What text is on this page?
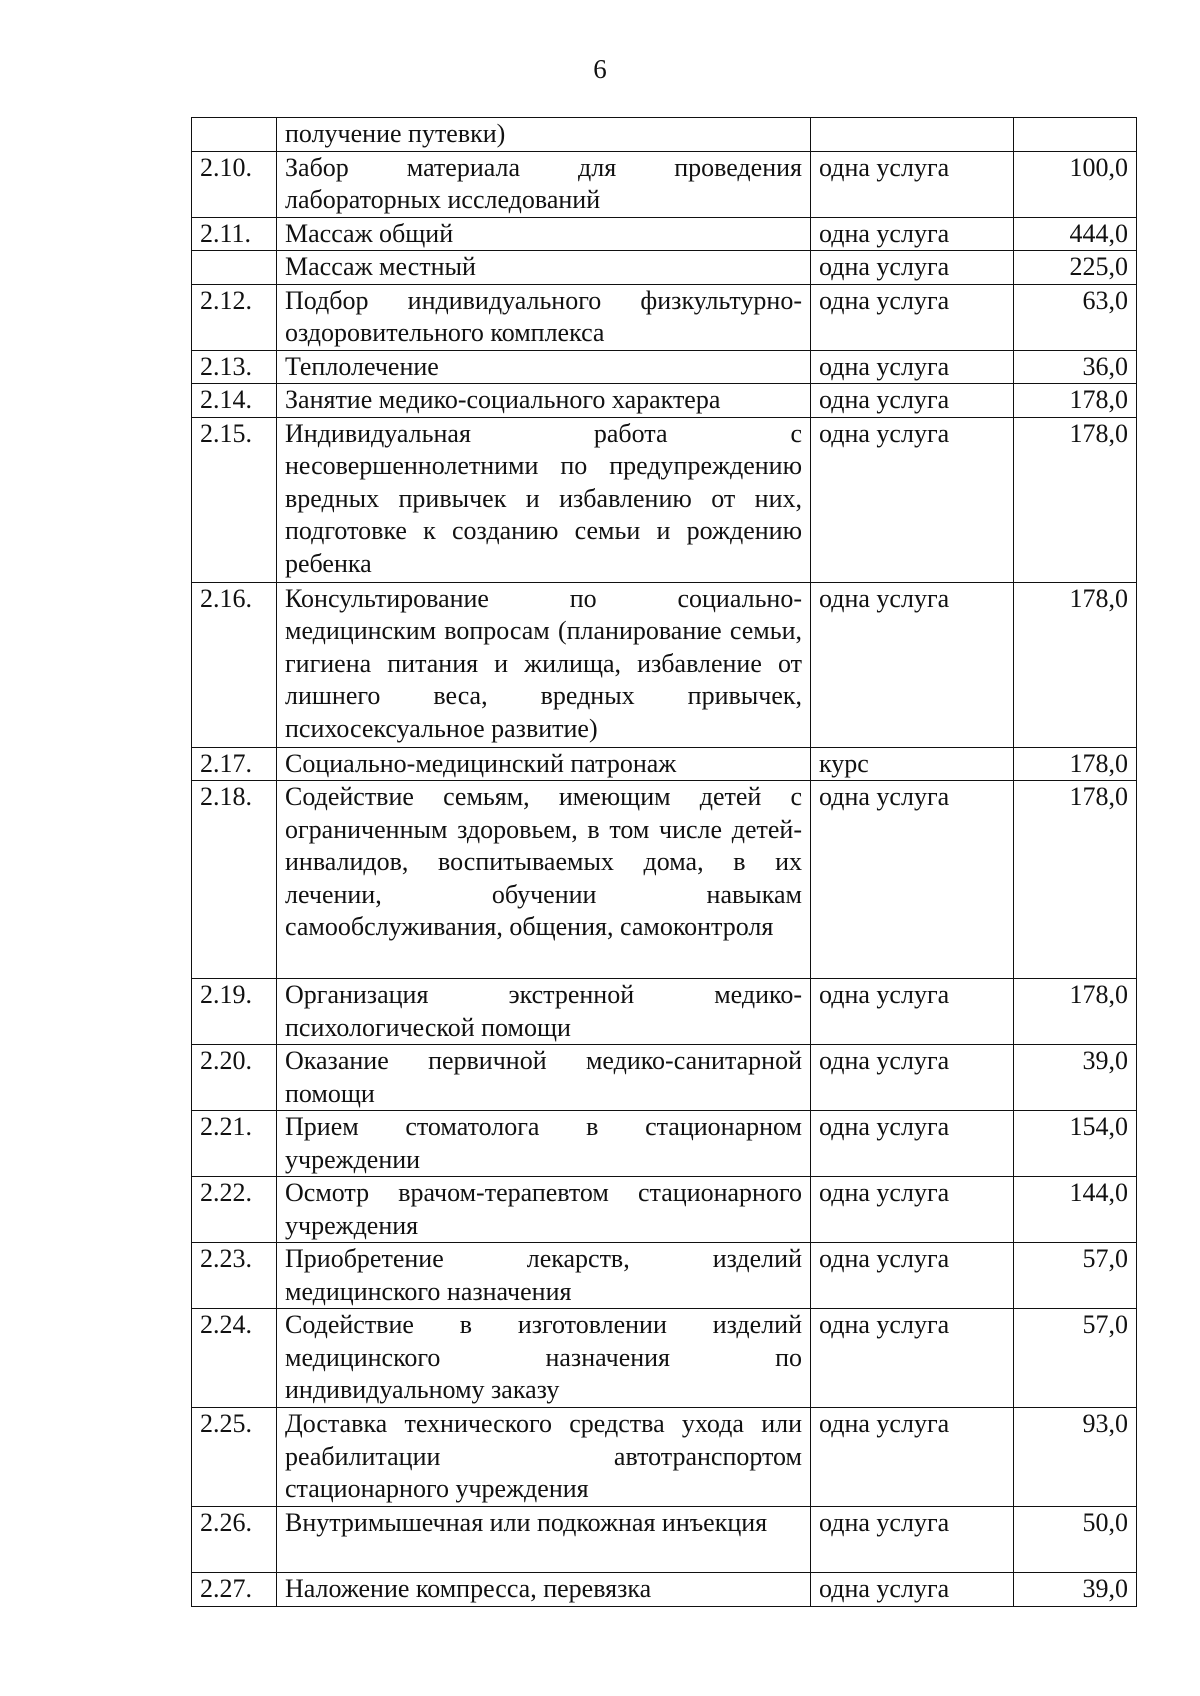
6
	получение путевки)		
2.10.	Забор материала для проведения лабораторных исследований	одна услуга	100,0
2.11.	Массаж общий	одна услуга	444,0
	Массаж местный	одна услуга	225,0
2.12.	Подбор индивидуального физкультурно-оздоровительного комплекса	одна услуга	63,0
2.13.	Теплолечение	одна услуга	36,0
2.14.	Занятие медико-социального характера	одна услуга	178,0
2.15.	Индивидуальная работа с несовершеннолетними по предупреждению вредных привычек и избавлению от них, подготовке к созданию семьи и рождению ребенка	одна услуга	178,0
2.16.	Консультирование по социально-медицинским вопросам (планирование семьи, гигиена питания и жилища, избавление от лишнего веса, вредных привычек, психосексуальное развитие)	одна услуга	178,0
2.17.	Социально-медицинский патронаж	курс	178,0
2.18.	Содействие семьям, имеющим детей с ограниченным здоровьем, в том числе детей-инвалидов, воспитываемых дома, в их лечении, обучении навыкам самообслуживания, общения, самоконтроля	одна услуга	178,0
2.19.	Организация экстренной медико-психологической помощи	одна услуга	178,0
2.20.	Оказание первичной медико-санитарной помощи	одна услуга	39,0
2.21.	Прием стоматолога в стационарном учреждении	одна услуга	154,0
2.22.	Осмотр врачом-терапевтом стационарного учреждения	одна услуга	144,0
2.23.	Приобретение лекарств, изделий медицинского назначения	одна услуга	57,0
2.24.	Содействие в изготовлении изделий медицинского назначения по индивидуальному заказу	одна услуга	57,0
2.25.	Доставка технического средства ухода или реабилитации автотранспортом стационарного учреждения	одна услуга	93,0
2.26.	Внутримышечная или подкожная инъекция	одна услуга	50,0
2.27.	Наложение компресса, перевязка	одна услуга	39,0
